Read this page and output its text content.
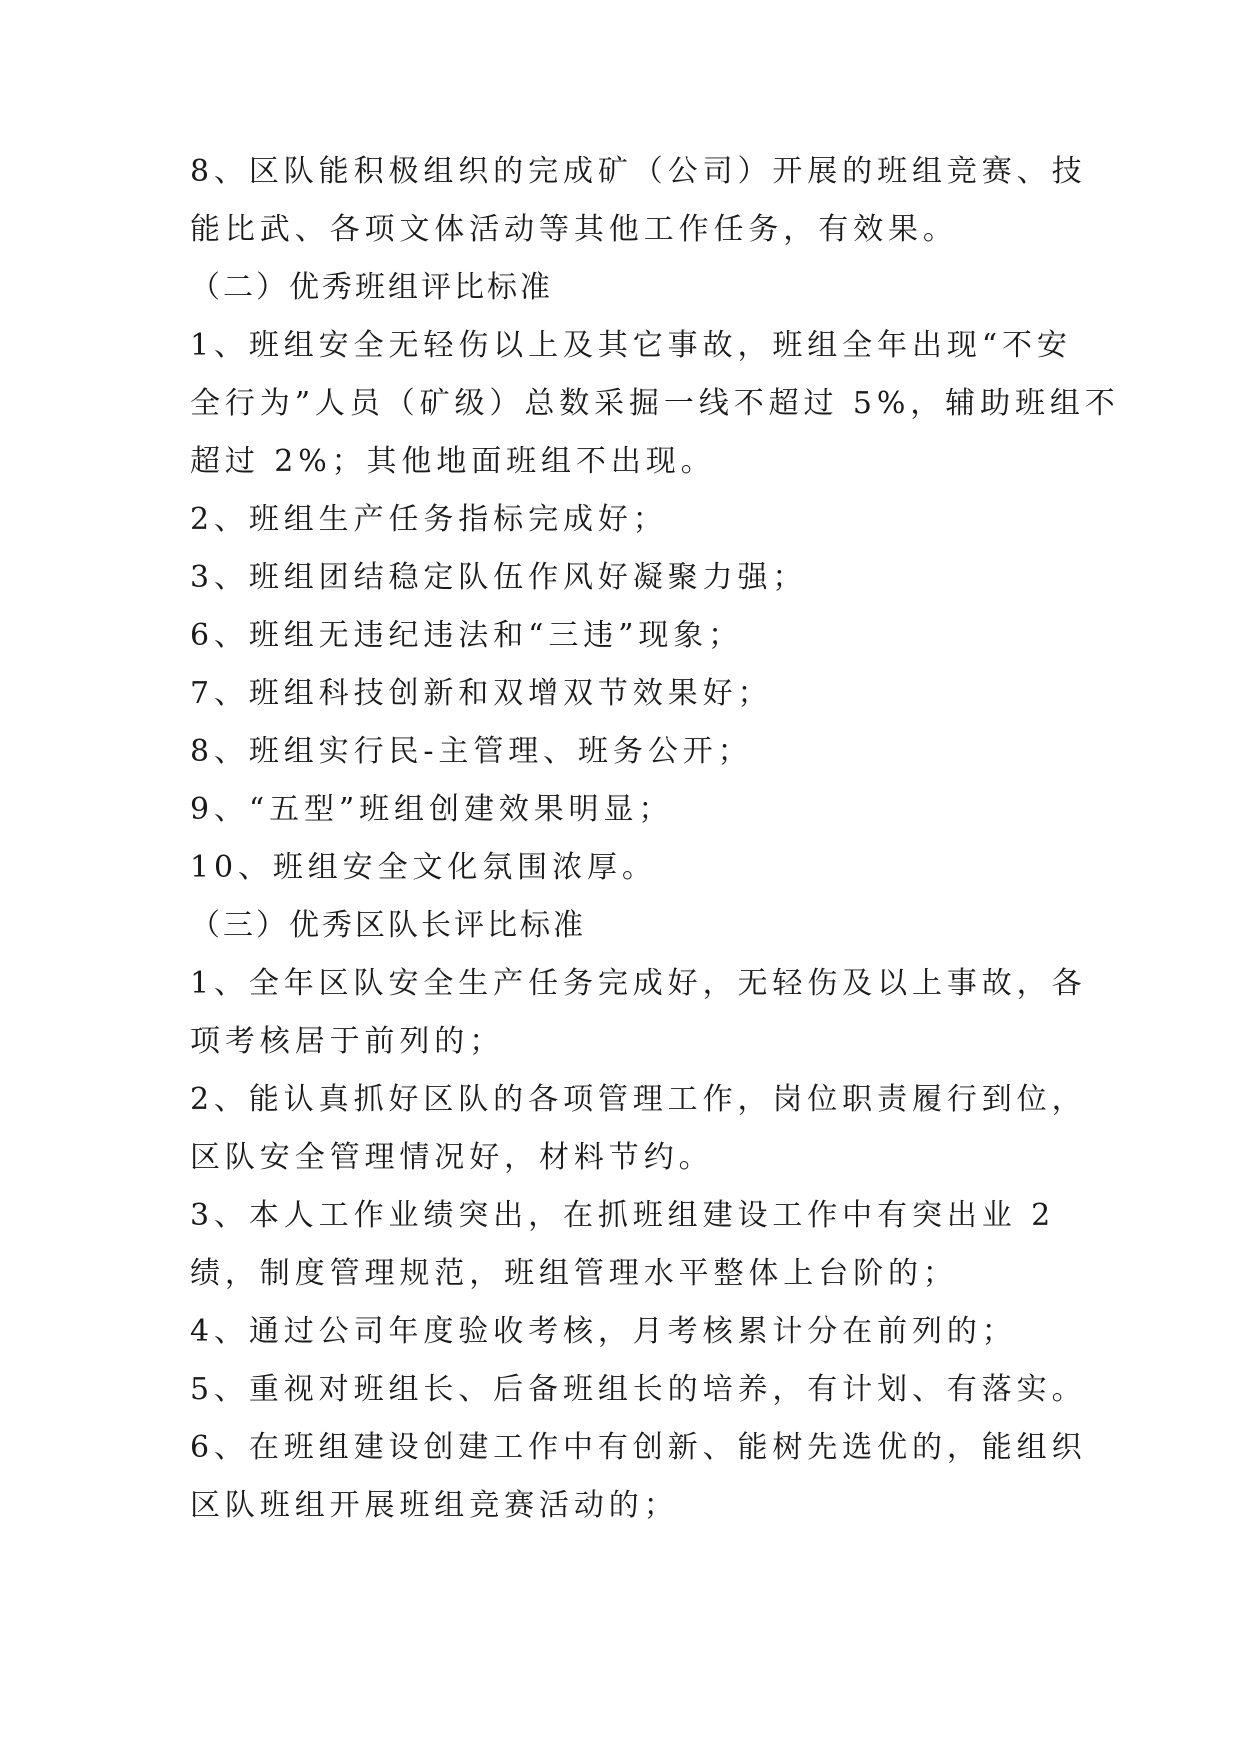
8、区队能积极组织的完成矿（公司）开展的班组竞赛、技
能比武、各项文体活动等其他工作任务，有效果。
（二）优秀班组评比标准
1、班组安全无轻伤以上及其它事故，班组全年出现“不安
全行为”人员（矿级）总数采掘一线不超过 5%，辅助班组不
超过 2%；其他地面班组不出现。
2、班组生产任务指标完成好；
3、班组团结稳定队伍作风好凝聚力强；
6、班组无违纪违法和“三违”现象；
7、班组科技创新和双增双节效果好；
8、班组实行民-主管理、班务公开；
9、“五型”班组创建效果明显；
10、班组安全文化氛围浓厚。
（三）优秀区队长评比标准
1、全年区队安全生产任务完成好，无轻伤及以上事故，各
项考核居于前列的；
2、能认真抓好区队的各项管理工作，岗位职责履行到位，
区队安全管理情况好，材料节约。
3、本人工作业绩突出，在抓班组建设工作中有突出业 2
绩，制度管理规范，班组管理水平整体上台阶的；
4、通过公司年度验收考核，月考核累计分在前列的；
5、重视对班组长、后备班组长的培养，有计划、有落实。
6、在班组建设创建工作中有创新、能树先选优的，能组织
区队班组开展班组竞赛活动的；
